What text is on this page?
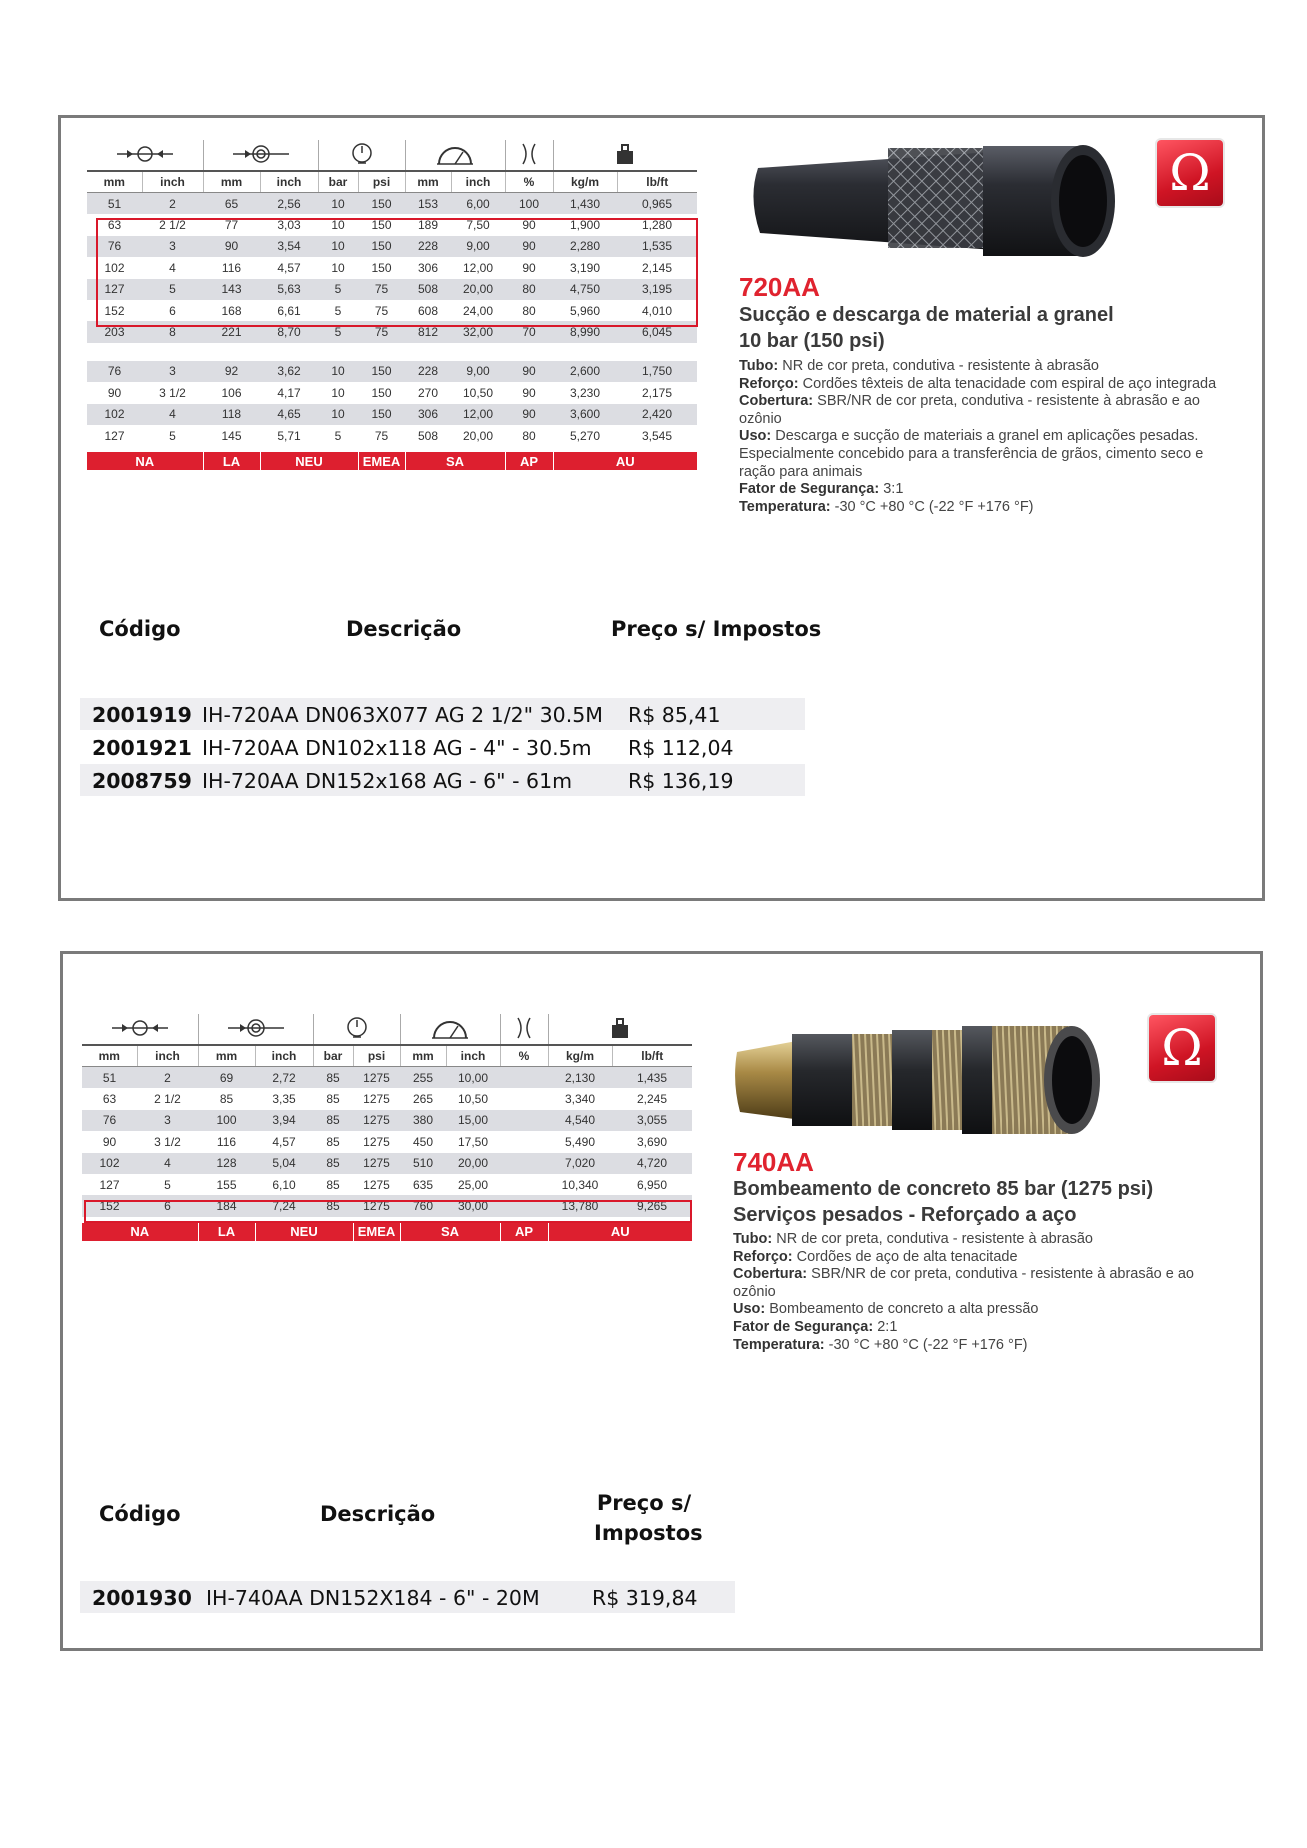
mm	inch	mm	inch	bar	psi	mm	inch	%	kg/m	lb/ft
51	2	65	2,56	10	150	153	6,00	100	1,430	0,965
63	2 1/2	77	3,03	10	150	189	7,50	90	1,900	1,280
76	3	90	3,54	10	150	228	9,00	90	2,280	1,535
102	4	116	4,57	10	150	306	12,00	90	3,190	2,145
127	5	143	5,63	5	75	508	20,00	80	4,750	3,195
152	6	168	6,61	5	75	608	24,00	80	5,960	4,010
203	8	221	8,70	5	75	812	32,00	70	8,990	6,045

76	3	92	3,62	10	150	228	9,00	90	2,600	1,750
90	3 1/2	106	4,17	10	150	270	10,50	90	3,230	2,175
102	4	118	4,65	10	150	306	12,00	90	3,600	2,420
127	5	145	5,71	5	75	508	20,00	80	5,270	3,545

NA		LA	NEU		EMEA	SA		AP	AU	
Ω
720AA
Sucção e descarga de material a granel
10 bar (150 psi)
Tubo: NR de cor preta, condutiva - resistente à abrasão
Reforço: Cordões têxteis de alta tenacidade com espiral de aço integrada
Cobertura: SBR/NR de cor preta, condutiva - resistente à abrasão e ao ozônio
Uso: Descarga e sucção de materiais a granel em aplicações pesadas. Especialmente concebido para a transferência de grãos, cimento seco e ração para animais
Fator de Segurança: 3:1
Temperatura: -30 °C +80 °C (-22 °F +176 °F)
Código	Descrição	Preço s/ Impostos
2001919 IH-720AA DN063X077 AG 2 1/2" 30.5M R$ 85,41
2001921 IH-720AA DN102x118 AG - 4" - 30.5m R$ 112,04
2008759 IH-720AA DN152x168 AG - 6" - 61m	R$ 136,19

mm	inch	mm	inch	bar	psi	mm	inch	%	kg/m	lb/ft
51	2	69	2,72	85	1275	255	10,00		2,130	1,435
63	2 1/2	85	3,35	85	1275	265	10,50		3,340	2,245
76	3	100	3,94	85	1275	380	15,00		4,540	3,055
90	3 1/2	116	4,57	85	1275	450	17,50		5,490	3,690
102	4	128	5,04	85	1275	510	20,00		7,020	4,720
127	5	155	6,10	85	1275	635	25,00		10,340	6,950
152	6	184	7,24	85	1275	760	30,00		13,780	9,265

NA		LA	NEU		EMEA	SA		AP	AU	
Ω
740AA
Bombeamento de concreto 85 bar (1275 psi)
Serviços pesados - Reforçado a aço
Tubo: NR de cor preta, condutiva - resistente à abrasão
Reforço: Cordões de aço de alta tenacitade
Cobertura: SBR/NR de cor preta, condutiva - resistente à abrasão e ao ozônio
Uso: Bombeamento de concreto a alta pressão
Fator de Segurança: 2:1
Temperatura: -30 °C +80 °C (-22 °F +176 °F)
Código	Descrição	Preço s/ Impostos
2001930 IH-740AA DN152X184 - 6" - 20M	R$ 319,84
